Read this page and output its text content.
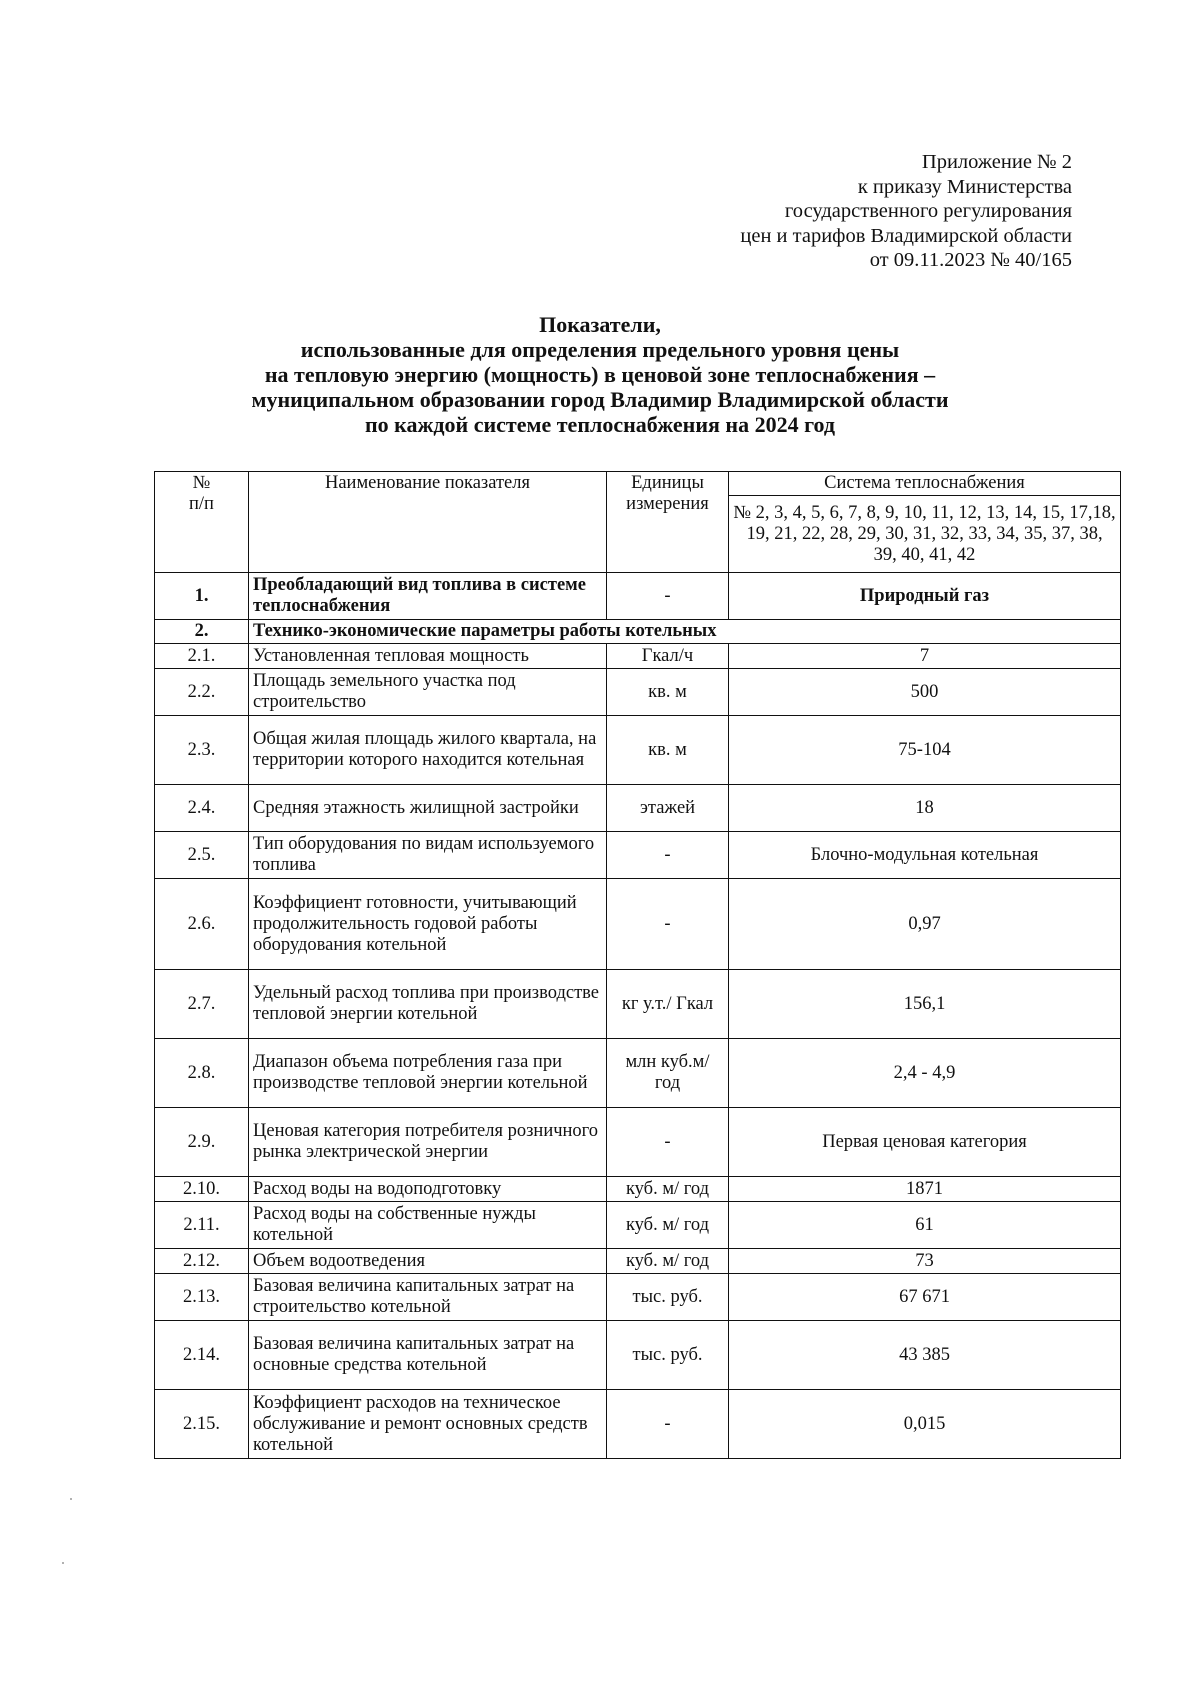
Приложение № 2
к приказу Министерства
государственного регулирования
цен и тарифов Владимирской области
от 09.11.2023 № 40/165
Показатели,
использованные для определения предельного уровня цены
на тепловую энергию (мощность) в ценовой зоне теплоснабжения –
муниципальном образовании город Владимир Владимирской области
по каждой системе теплоснабжения на 2024 год
№
п/п	Наименование показателя	Единицы измерения	Система теплоснабжения
			№ 2, 3, 4, 5, 6, 7, 8, 9, 10, 11, 12, 13, 14, 15, 17,18, 19, 21, 22, 28, 29, 30, 31, 32, 33, 34, 35, 37, 38, 39, 40, 41, 42
1.	Преобладающий вид топлива в системе теплоснабжения	-	Природный газ
2.	Технико-экономические параметры работы котельных		
2.1.	Установленная тепловая мощность	Гкал/ч	7
2.2.	Площадь земельного участка под строительство	кв. м	500
2.3.	Общая жилая площадь жилого квартала, на территории которого находится котельная	кв. м	75-104
2.4.	Средняя этажность жилищной застройки	этажей	18
2.5.	Тип оборудования по видам используемого топлива	-	Блочно-модульная котельная
2.6.	Коэффициент готовности, учитывающий продолжительность годовой работы оборудования котельной	-	0,97
2.7.	Удельный расход топлива при производстве тепловой энергии котельной	кг у.т./ Гкал	156,1
2.8.	Диапазон объема потребления газа при производстве тепловой энергии котельной	млн куб.м/ год	2,4 - 4,9
2.9.	Ценовая категория потребителя розничного рынка электрической энергии	-	Первая ценовая категория
2.10.	Расход воды на водоподготовку	куб. м/ год	1871
2.11.	Расход воды на собственные нужды котельной	куб. м/ год	61
2.12.	Объем водоотведения	куб. м/ год	73
2.13.	Базовая величина капитальных затрат на строительство котельной	тыс. руб.	67 671
2.14.	Базовая величина капитальных затрат на основные средства котельной	тыс. руб.	43 385
2.15.	Коэффициент расходов на техническое обслуживание и ремонт основных средств котельной	-	0,015
